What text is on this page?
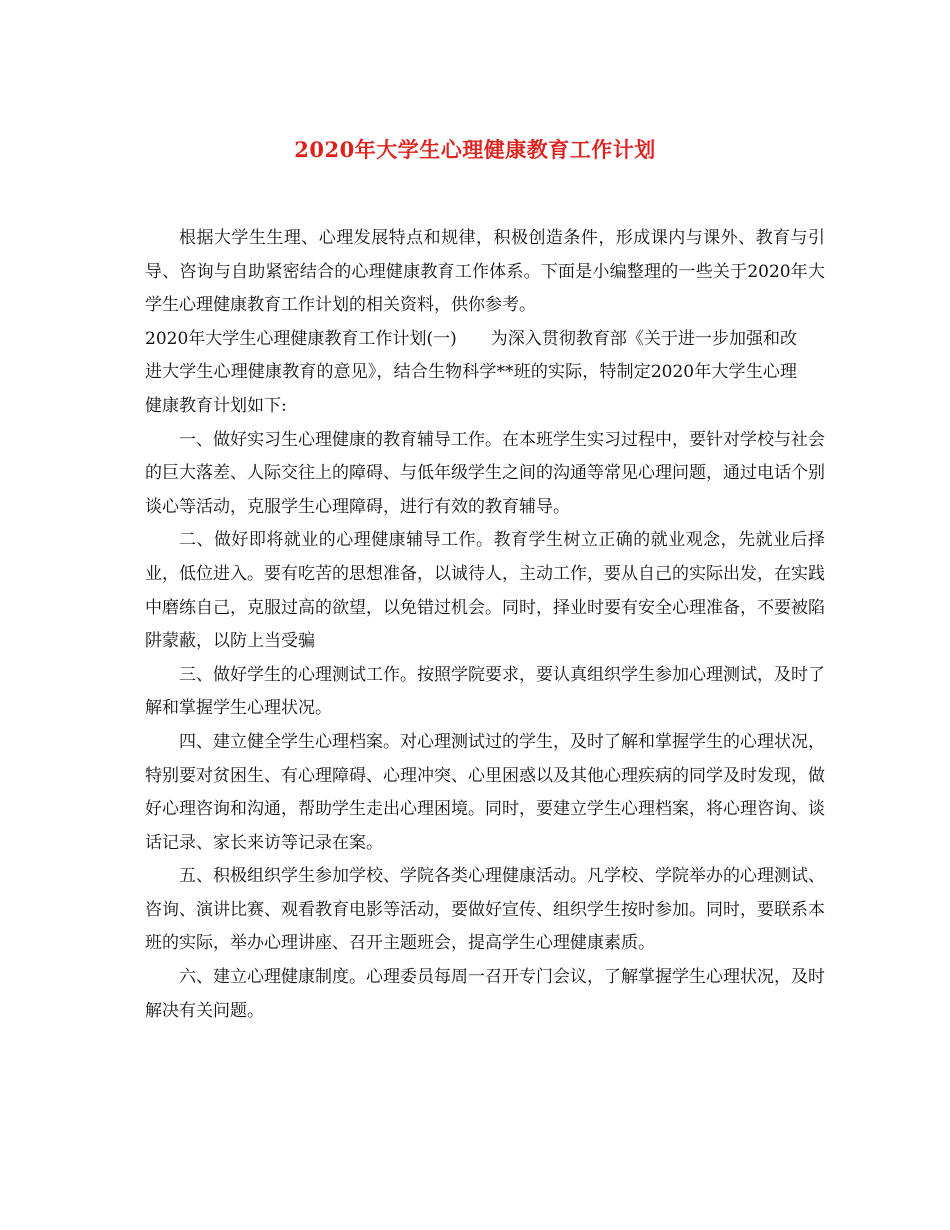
2020年大学生心理健康教育工作计划

根据大学生生理、心理发展特点和规律，积极创造条件，形成课内与课外、教育与引导、咨询与自助紧密结合的心理健康教育工作体系。下面是小编整理的一些关于2020年大学生心理健康教育工作计划的相关资料，供你参考。

2020年大学生心理健康教育工作计划(一)　　为深入贯彻教育部《关于进一步加强和改进大学生心理健康教育的意见》，结合生物科学**班的实际，特制定2020年大学生心理健康教育计划如下:

一、做好实习生心理健康的教育辅导工作。在本班学生实习过程中，要针对学校与社会的巨大落差、人际交往上的障碍、与低年级学生之间的沟通等常见心理问题，通过电话个别谈心等活动，克服学生心理障碍，进行有效的教育辅导。

二、做好即将就业的心理健康辅导工作。教育学生树立正确的就业观念，先就业后择业，低位进入。要有吃苦的思想准备，以诚待人，主动工作，要从自己的实际出发，在实践中磨练自己，克服过高的欲望，以免错过机会。同时，择业时要有安全心理准备，不要被陷阱蒙蔽，以防上当受骗

三、做好学生的心理测试工作。按照学院要求，要认真组织学生参加心理测试，及时了解和掌握学生心理状况。

四、建立健全学生心理档案。对心理测试过的学生，及时了解和掌握学生的心理状况，特别要对贫困生、有心理障碍、心理冲突、心里困惑以及其他心理疾病的同学及时发现，做好心理咨询和沟通，帮助学生走出心理困境。同时，要建立学生心理档案，将心理咨询、谈话记录、家长来访等记录在案。

五、积极组织学生参加学校、学院各类心理健康活动。凡学校、学院举办的心理测试、咨询、演讲比赛、观看教育电影等活动，要做好宣传、组织学生按时参加。同时，要联系本班的实际，举办心理讲座、召开主题班会，提高学生心理健康素质。

六、建立心理健康制度。心理委员每周一召开专门会议，了解掌握学生心理状况，及时解决有关问题。
